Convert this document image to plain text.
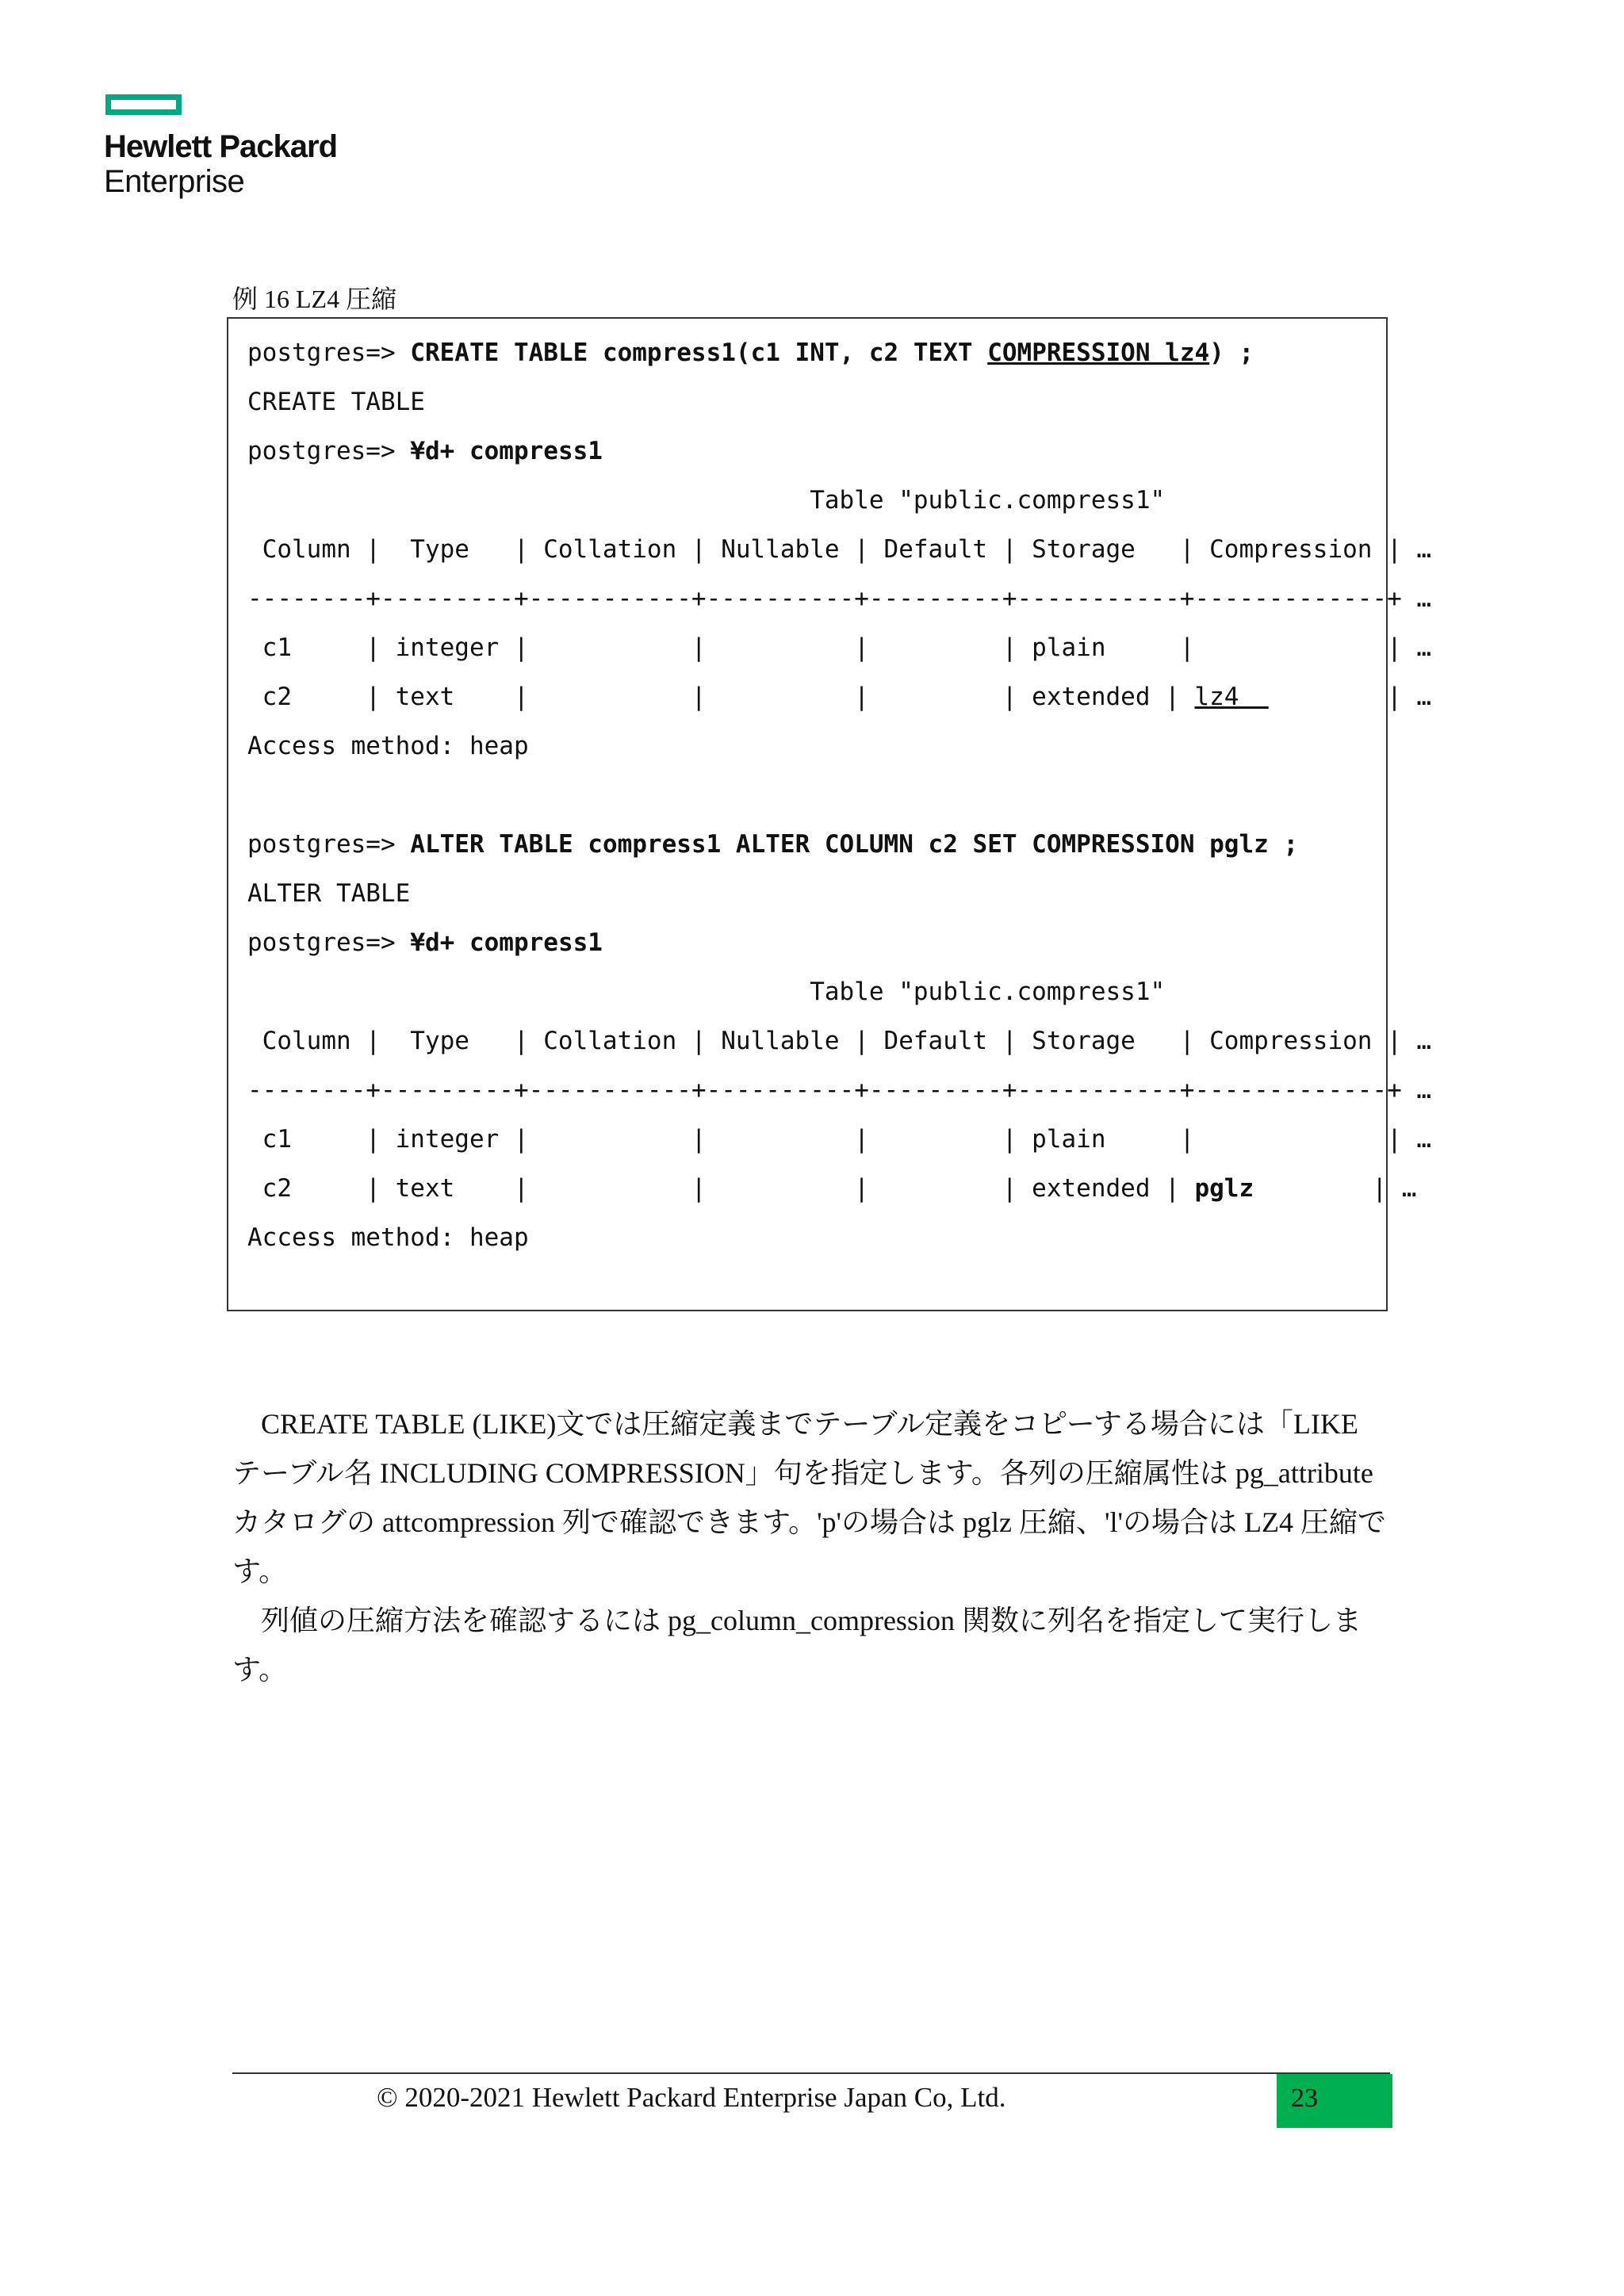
Hewlett Packard
Enterprise
例 16 LZ4 圧縮
postgres=> CREATE TABLE compress1(c1 INT, c2 TEXT COMPRESSION lz4) ;
CREATE TABLE
postgres=> ¥d+ compress1
Table "public.compress1"
Column |  Type   | Collation | Nullable | Default | Storage   | Compression | …
--------+---------+-----------+----------+---------+-----------+-------------+ …
c1     | integer |           |          |         | plain     |             | …
c2     | text    |           |          |         | extended | lz4          | …
Access method: heap
postgres=> ALTER TABLE compress1 ALTER COLUMN c2 SET COMPRESSION pglz ;
ALTER TABLE
postgres=> ¥d+ compress1
Table "public.compress1"
Column |  Type   | Collation | Nullable | Default | Storage   | Compression | …
--------+---------+-----------+----------+---------+-----------+-------------+ …
c1     | integer |           |          |         | plain     |             | …
c2     | text    |           |          |         | extended | pglz        | …
Access method: heap
　CREATE TABLE (LIKE)文では圧縮定義までテーブル定義をコピーする場合には「LIKE テーブル名 INCLUDING COMPRESSION」句を指定します。各列の圧縮属性は pg_attribute カタログの attcompression 列で確認できます。'p'の場合は pglz 圧縮、'l'の場合は LZ4 圧縮です。
　列値の圧縮方法を確認するには pg_column_compression 関数に列名を指定して実行します。
© 2020-2021 Hewlett Packard Enterprise Japan Co, Ltd.	23
